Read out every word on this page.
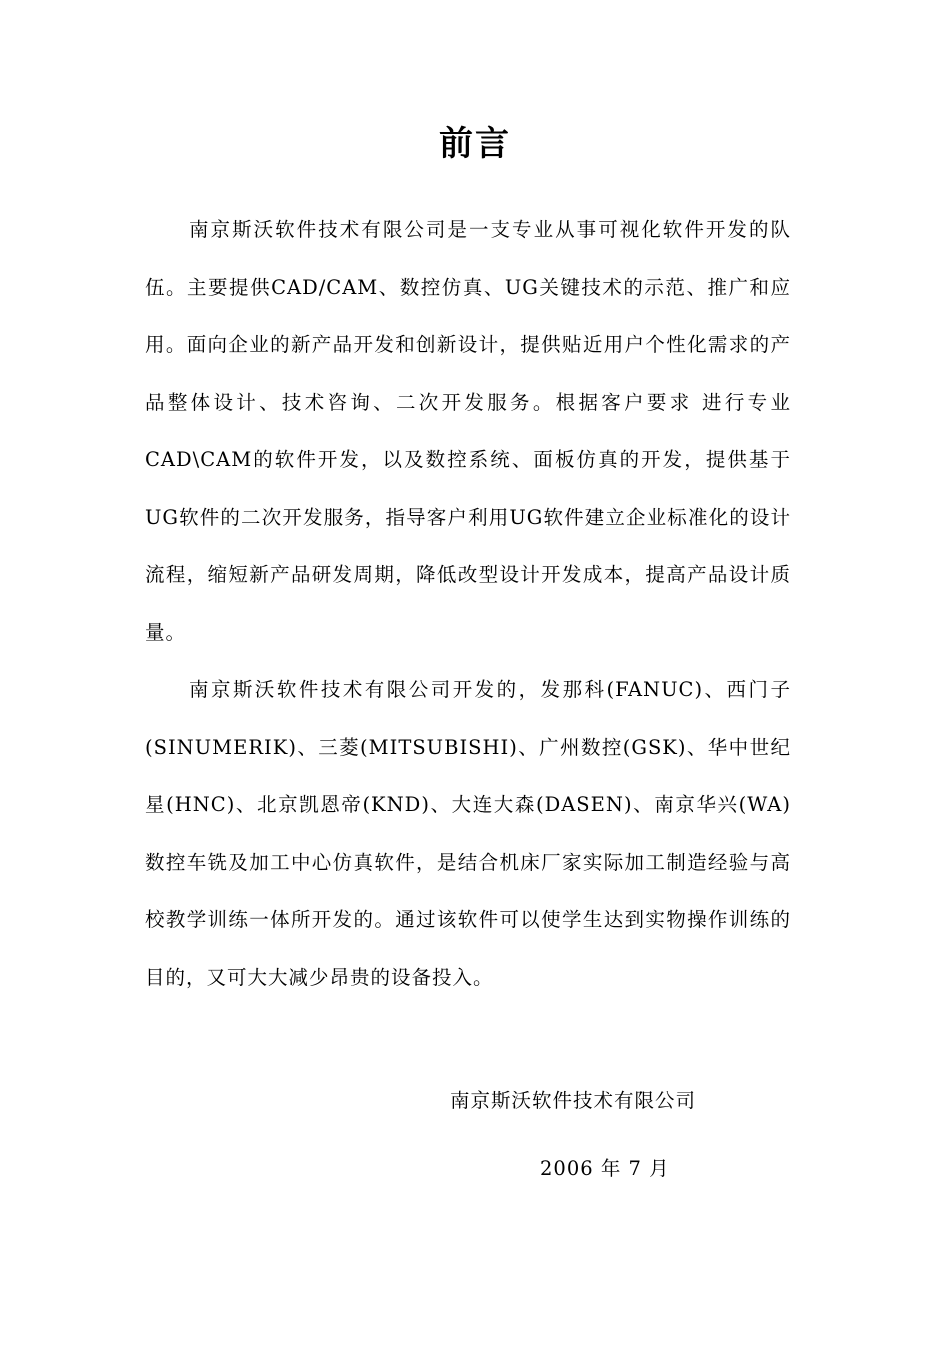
前言

南京斯沃软件技术有限公司是一支专业从事可视化软件开发的队伍。主要提供CAD/CAM、数控仿真、UG关键技术的示范、推广和应用。面向企业的新产品开发和创新设计，提供贴近用户个性化需求的产品整体设计、技术咨询、二次开发服务。根据客户要求 进行专业CAD\CAM的软件开发，以及数控系统、面板仿真的开发，提供基于UG软件的二次开发服务，指导客户利用UG软件建立企业标准化的设计流程，缩短新产品研发周期，降低改型设计开发成本，提高产品设计质量。

南京斯沃软件技术有限公司开发的，发那科(FANUC)、西门子(SINUMERIK)、三菱(MITSUBISHI)、广州数控(GSK)、华中世纪星(HNC)、北京凯恩帝(KND)、大连大森(DASEN)、南京华兴(WA) 数控车铣及加工中心仿真软件，是结合机床厂家实际加工制造经验与高校教学训练一体所开发的。通过该软件可以使学生达到实物操作训练的目的，又可大大减少昂贵的设备投入。

南京斯沃软件技术有限公司
2006 年 7 月
